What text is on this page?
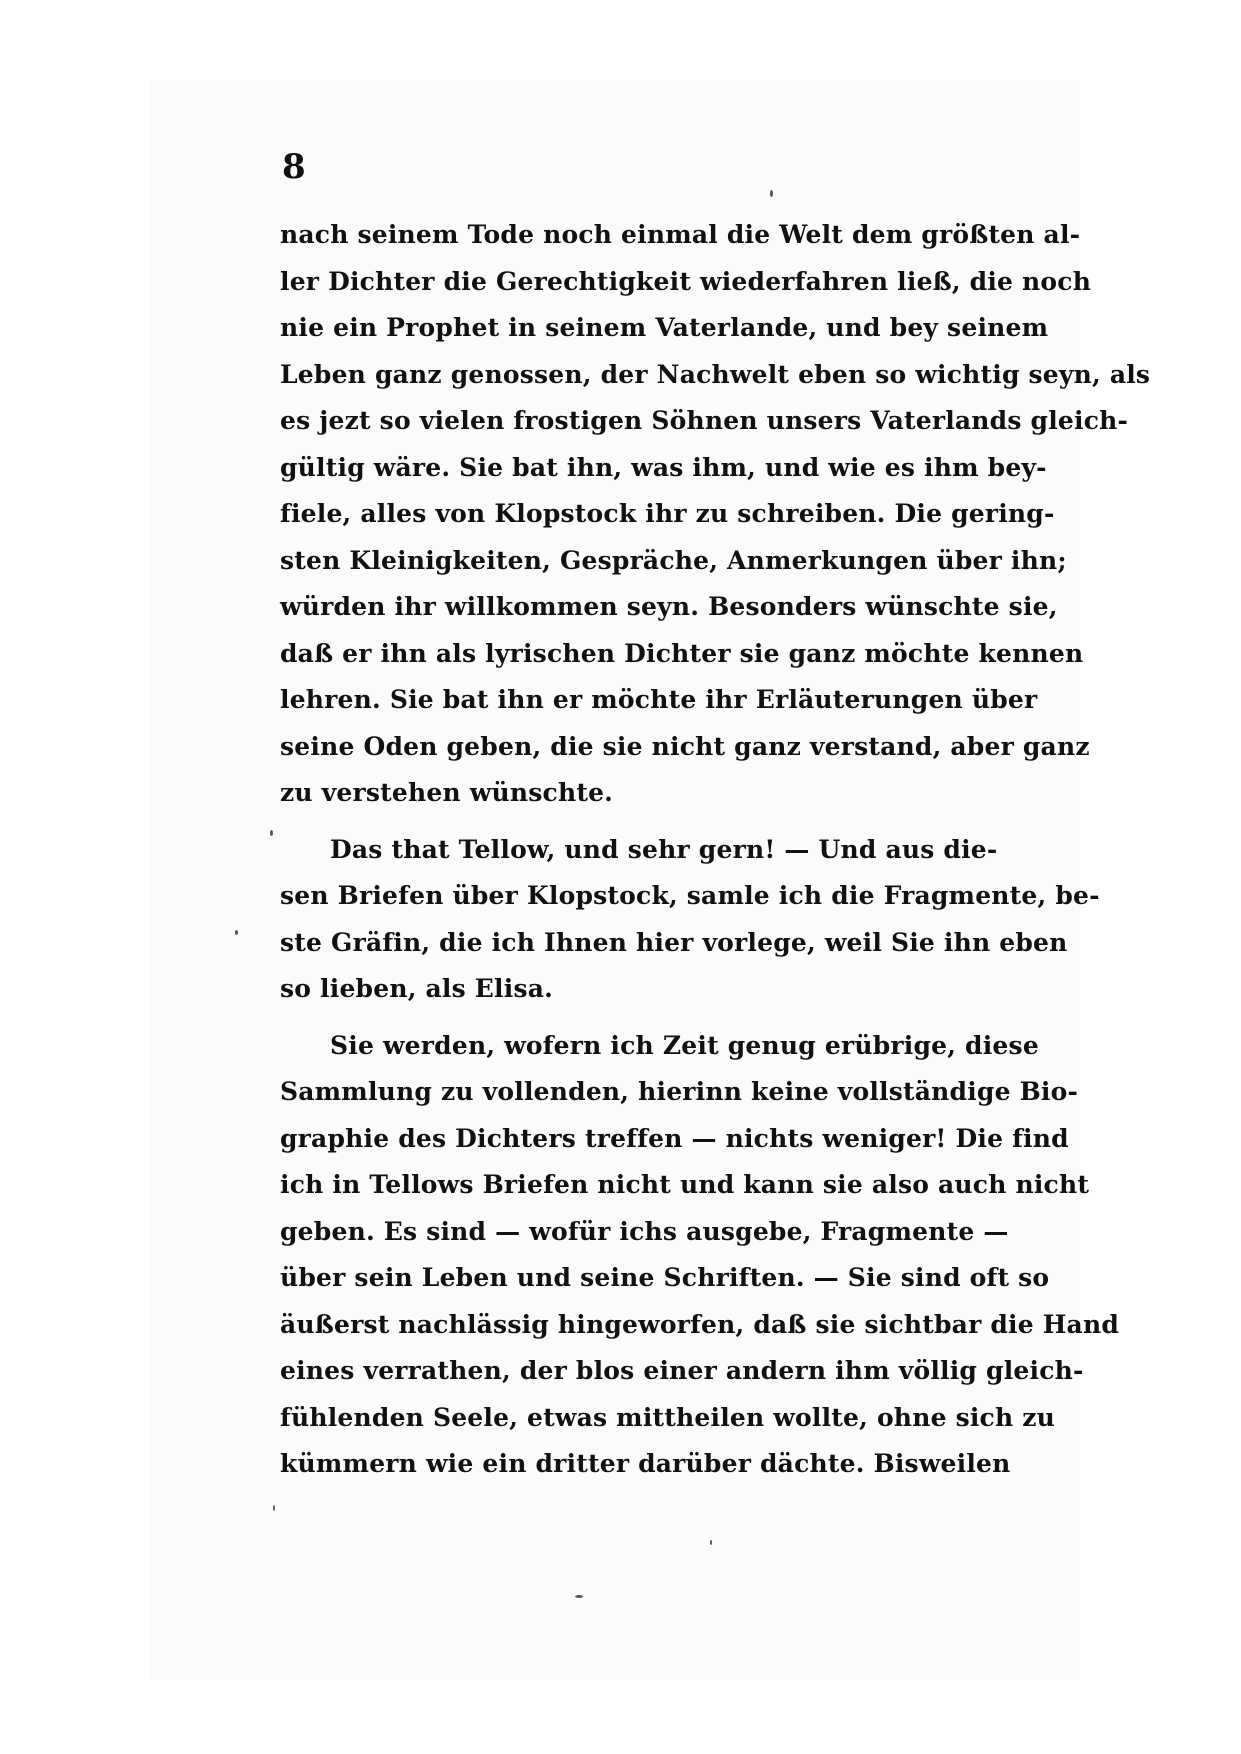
8
nach seinem Tode noch einmal die Welt dem größten al-
ler Dichter die Gerechtigkeit wiederfahren ließ, die noch
nie ein Prophet in seinem Vaterlande, und bey seinem
Leben ganz genossen, der Nachwelt eben so wichtig seyn, als
es jezt so vielen frostigen Söhnen unsers Vaterlands gleich-
gültig wäre. Sie bat ihn, was ihm, und wie es ihm bey-
fiele, alles von Klopstock ihr zu schreiben. Die gering-
sten Kleinigkeiten, Gespräche, Anmerkungen über ihn;
würden ihr willkommen seyn. Besonders wünschte sie,
daß er ihn als lyrischen Dichter sie ganz möchte kennen
lehren. Sie bat ihn er möchte ihr Erläuterungen über
seine Oden geben, die sie nicht ganz verstand, aber ganz
zu verstehen wünschte.
Das that Tellow, und sehr gern! — Und aus die-
sen Briefen über Klopstock, samle ich die Fragmente, be-
ste Gräfin, die ich Ihnen hier vorlege, weil Sie ihn eben
so lieben, als Elisa.
Sie werden, wofern ich Zeit genug erübrige, diese
Sammlung zu vollenden, hierinn keine vollständige Bio-
graphie des Dichters treffen — nichts weniger! Die find
ich in Tellows Briefen nicht und kann sie also auch nicht
geben. Es sind — wofür ichs ausgebe, Fragmente —
über sein Leben und seine Schriften. — Sie sind oft so
äußerst nachlässig hingeworfen, daß sie sichtbar die Hand
eines verrathen, der blos einer andern ihm völlig gleich-
fühlenden Seele, etwas mittheilen wollte, ohne sich zu
kümmern wie ein dritter darüber dächte. Bisweilen
